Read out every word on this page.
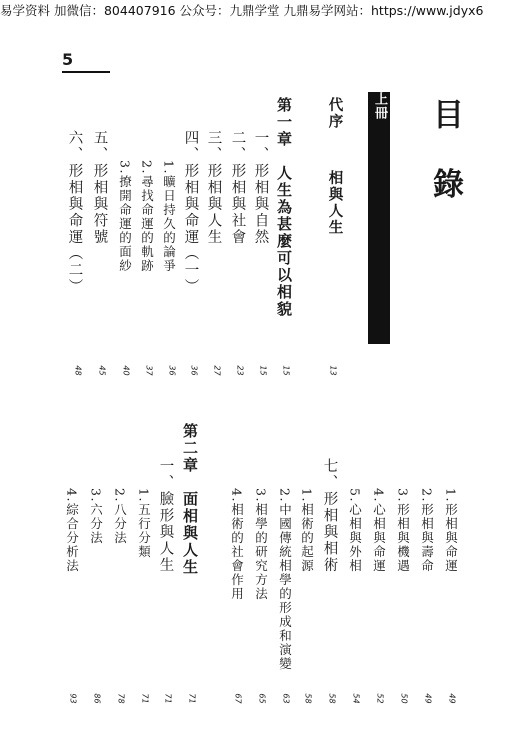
易学资料 加微信：804407916 公众号：九鼎学堂 九鼎易学网站：https://www.jdyx6
5
目 錄
上冊
代序
相與人生
第一章　人生為甚麼可以相貌
一、形相與自然
二、形相與社會
三、形相與人生
四、形相與命運（一）
1.曠日持久的論爭
2.尋找命運的軌跡
3.撩開命運的面紗
五、形相與符號
六、形相與命運（二）
13
15
15
23
27
36
36
37
40
45
48
1.形相與命運
2.形相與壽命
3.形相與機遇
4.心相與命運
5.心相與外相
七、形相與相術
1.相術的起源
2.中國傳統相學的形成和演變
3.相學的研究方法
4.相術的社會作用
第二章　面相與人生
一、臉形與人生
1.五行分類
2.八分法
3.六分法
4.綜合分析法
49
49
50
52
54
58
58
63
65
67
71
71
71
78
86
93
